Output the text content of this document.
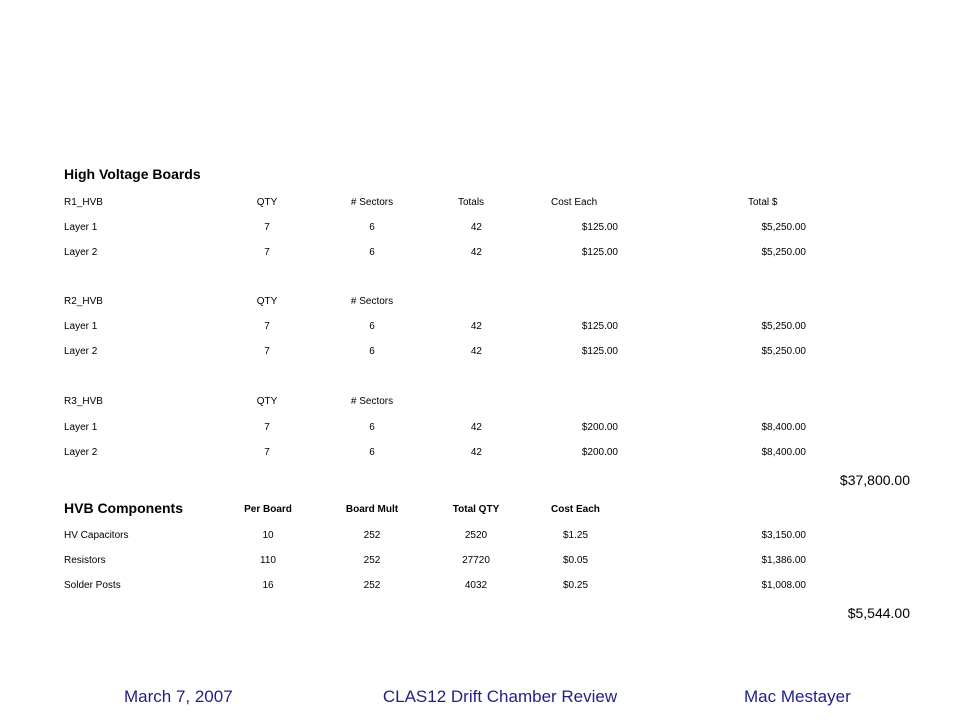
High Voltage Boards
R1_HVB	QTY	# Sectors	Totals	Cost Each	Total $
Layer 1	7	6	42	$125.00	$5,250.00
Layer 2	7	6	42	$125.00	$5,250.00
R2_HVB	QTY	# Sectors
Layer 1	7	6	42	$125.00	$5,250.00
Layer 2	7	6	42	$125.00	$5,250.00
R3_HVB	QTY	# Sectors
Layer 1	7	6	42	$200.00	$8,400.00
Layer 2	7	6	42	$200.00	$8,400.00
$37,800.00
HVB Components	Per Board	Board Mult	Total QTY	Cost Each
HV Capacitors	10	252	2520	$1.25	$3,150.00
Resistors	110	252	27720	$0.05	$1,386.00
Solder Posts	16	252	4032	$0.25	$1,008.00
$5,544.00
March 7, 2007	CLAS12 Drift Chamber Review	Mac Mestayer
